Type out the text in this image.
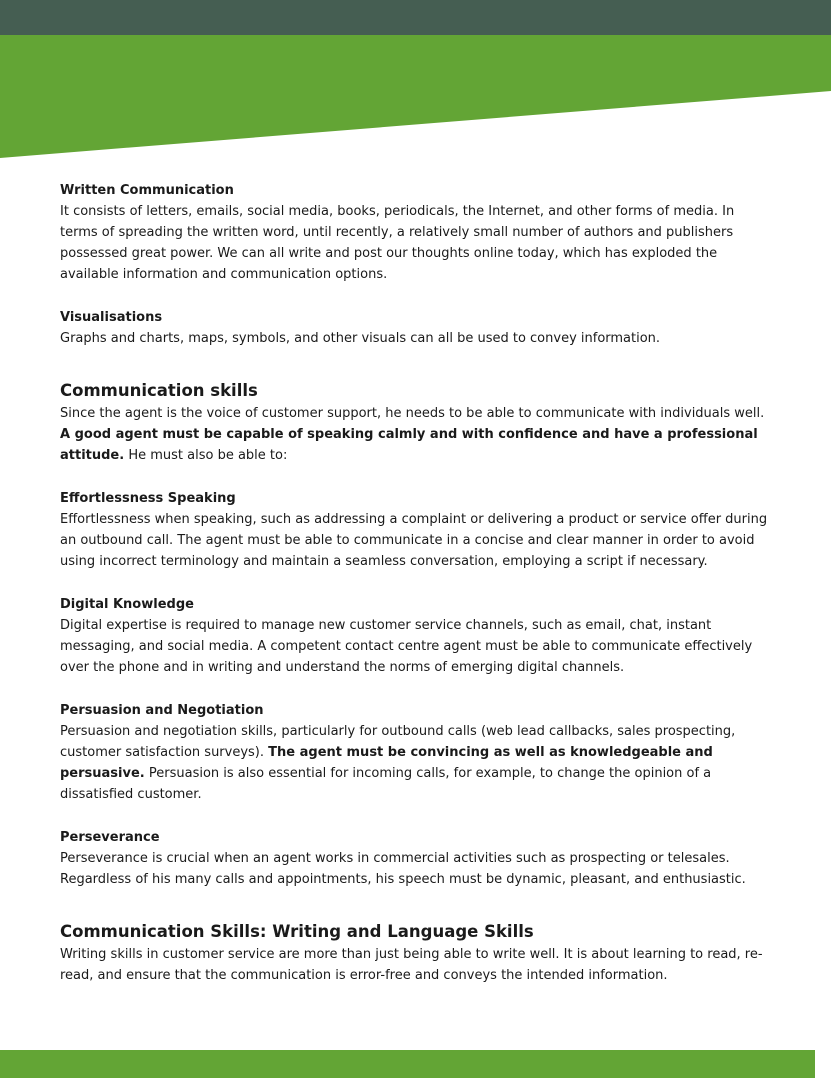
Written Communication

It consists of letters, emails, social media, books, periodicals, the Internet, and other forms of media. In terms of spreading the written word, until recently, a relatively small number of authors and publishers possessed great power. We can all write and post our thoughts online today, which has exploded the available information and communication options.

Visualisations

Graphs and charts, maps, symbols, and other visuals can all be used to convey information.

Communication skills

Since the agent is the voice of customer support, he needs to be able to communicate with individuals well. A good agent must be capable of speaking calmly and with confidence and have a professional attitude. He must also be able to:

Effortlessness Speaking

Effortlessness when speaking, such as addressing a complaint or delivering a product or service offer during an outbound call. The agent must be able to communicate in a concise and clear manner in order to avoid using incorrect terminology and maintain a seamless conversation, employing a script if necessary.

Digital Knowledge

Digital expertise is required to manage new customer service channels, such as email, chat, instant messaging, and social media. A competent contact centre agent must be able to communicate effectively over the phone and in writing and understand the norms of emerging digital channels.

Persuasion and Negotiation

Persuasion and negotiation skills, particularly for outbound calls (web lead callbacks, sales prospecting, customer satisfaction surveys). The agent must be convincing as well as knowledgeable and persuasive. Persuasion is also essential for incoming calls, for example, to change the opinion of a dissatisfied customer.

Perseverance

Perseverance is crucial when an agent works in commercial activities such as prospecting or telesales. Regardless of his many calls and appointments, his speech must be dynamic, pleasant, and enthusiastic.

Communication Skills: Writing and Language Skills

Writing skills in customer service are more than just being able to write well. It is about learning to read, re-read, and ensure that the communication is error-free and conveys the intended information.
